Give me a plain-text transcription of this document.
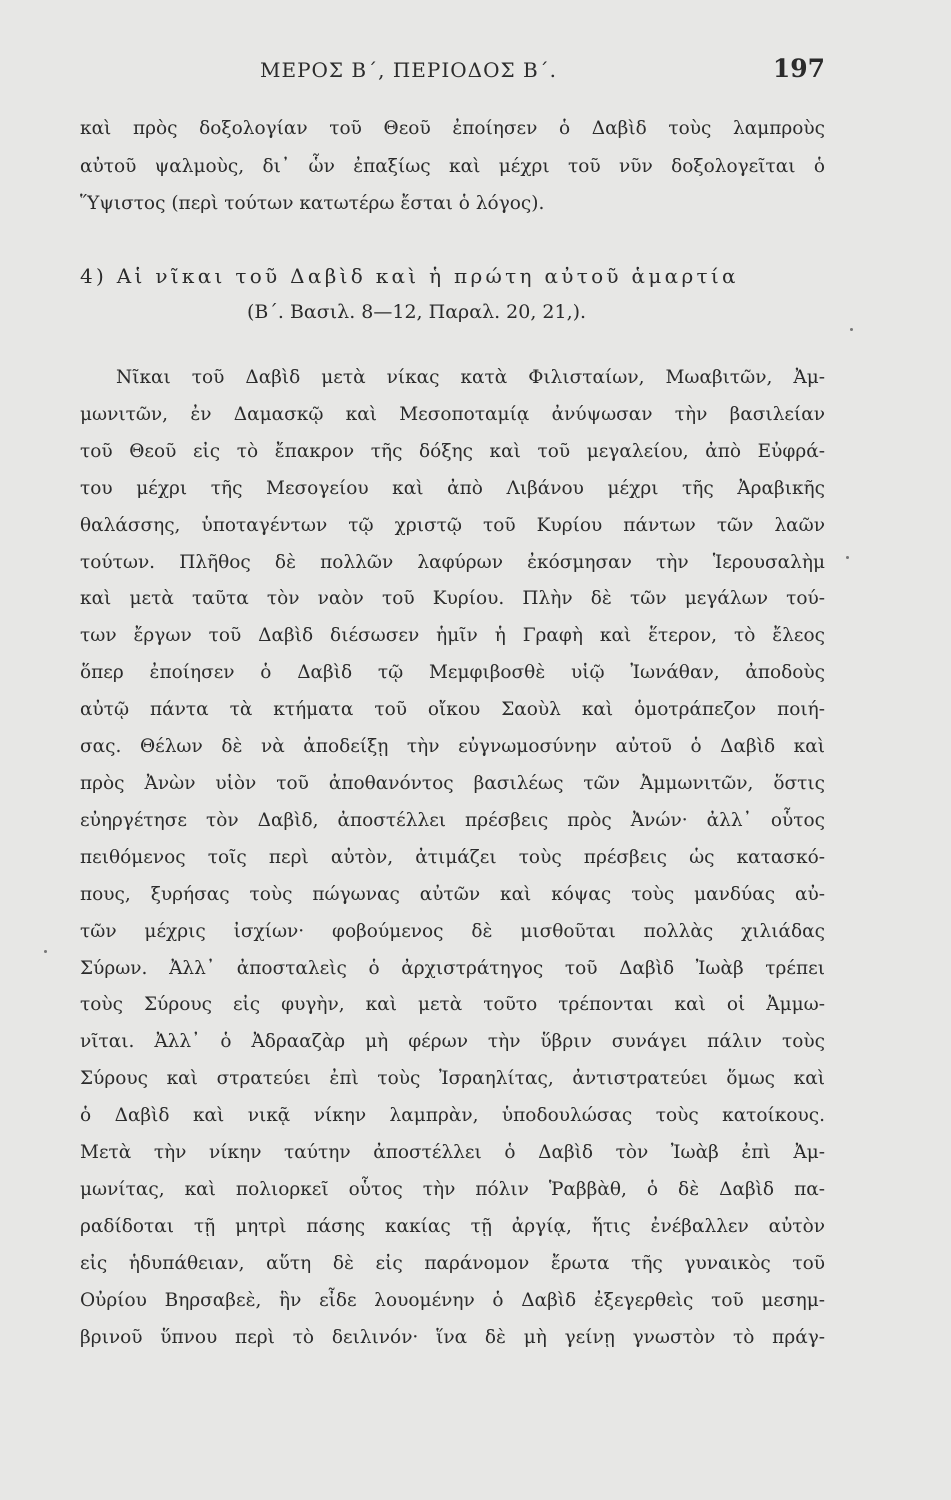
ΜΕΡΟΣ Β΄, ΠΕΡΙΟΔΟΣ Β΄.	197
καὶ πρὸς δοξολογίαν τοῦ Θεοῦ ἐποίησεν ὁ Δαβὶδ τοὺς λαμπροὺς
αὐτοῦ ψαλμοὺς, δι᾽ ὧν ἐπαξίως καὶ μέχρι τοῦ νῦν δοξολογεῖται ὁ
Ὕψιστος (περὶ τούτων κατωτέρω ἔσται ὁ λόγος).
4) Αἱ νῖκαι τοῦ Δαβὶδ καὶ ἡ πρώτη αὐτοῦ ἁμαρτία
(Β΄. Βασιλ. 8—12, Παραλ. 20, 21,).
Νῖκαι τοῦ Δαβὶδ μετὰ νίκας κατὰ Φιλισταίων, Μωαβιτῶν, Ἀμ-
μωνιτῶν, ἐν Δαμασκῷ καὶ Μεσοποταμίᾳ ἀνύψωσαν τὴν βασιλείαν
τοῦ Θεοῦ εἰς τὸ ἔπακρον τῆς δόξης καὶ τοῦ μεγαλείου, ἀπὸ Εὐφρά-
του μέχρι τῆς Μεσογείου καὶ ἀπὸ Λιβάνου μέχρι τῆς Ἀραβικῆς
θαλάσσης, ὑποταγέντων τῷ χριστῷ τοῦ Κυρίου πάντων τῶν λαῶν
τούτων. Πλῆθος δὲ πολλῶν λαφύρων ἐκόσμησαν τὴν Ἱερουσαλὴμ
καὶ μετὰ ταῦτα τὸν ναὸν τοῦ Κυρίου. Πλὴν δὲ τῶν μεγάλων τού-
των ἔργων τοῦ Δαβὶδ διέσωσεν ἡμῖν ἡ Γραφὴ καὶ ἕτερον, τὸ ἔλεος
ὅπερ ἐποίησεν ὁ Δαβὶδ τῷ Μεμφιβοσθὲ υἱῷ Ἰωνάθαν, ἀποδοὺς
αὐτῷ πάντα τὰ κτήματα τοῦ οἴκου Σαοὺλ καὶ ὁμοτράπεζον ποιή-
σας. Θέλων δὲ νὰ ἀποδείξῃ τὴν εὐγνωμοσύνην αὐτοῦ ὁ Δαβὶδ καὶ
πρὸς Ἀνὼν υἱὸν τοῦ ἀποθανόντος βασιλέως τῶν Ἀμμωνιτῶν, ὅστις
εὐηργέτησε τὸν Δαβὶδ, ἀποστέλλει πρέσβεις πρὸς Ἀνών· ἀλλ᾽ οὗτος
πειθόμενος τοῖς περὶ αὐτὸν, ἀτιμάζει τοὺς πρέσβεις ὡς κατασκό-
πους, ξυρήσας τοὺς πώγωνας αὐτῶν καὶ κόψας τοὺς μανδύας αὐ-
τῶν μέχρις ἰσχίων· φοβούμενος δὲ μισθοῦται πολλὰς χιλιάδας
Σύρων. Ἀλλ᾽ ἀποσταλεὶς ὁ ἀρχιστράτηγος τοῦ Δαβὶδ Ἰωὰβ τρέπει
τοὺς Σύρους εἰς φυγὴν, καὶ μετὰ τοῦτο τρέπονται καὶ οἱ Ἀμμω-
νῖται. Ἀλλ᾽ ὁ Ἀδρααζὰρ μὴ φέρων τὴν ὕβριν συνάγει πάλιν τοὺς
Σύρους καὶ στρατεύει ἐπὶ τοὺς Ἰσραηλίτας, ἀντιστρατεύει ὅμως καὶ
ὁ Δαβὶδ καὶ νικᾷ νίκην λαμπρὰν, ὑποδουλώσας τοὺς κατοίκους.
Μετὰ τὴν νίκην ταύτην ἀποστέλλει ὁ Δαβὶδ τὸν Ἰωὰβ ἐπὶ Ἀμ-
μωνίτας, καὶ πολιορκεῖ οὗτος τὴν πόλιν Ῥαββὰθ, ὁ δὲ Δαβὶδ πα-
ραδίδοται τῇ μητρὶ πάσης κακίας τῇ ἀργίᾳ, ἥτις ἐνέβαλλεν αὐτὸν
εἰς ἡδυπάθειαν, αὕτη δὲ εἰς παράνομον ἔρωτα τῆς γυναικὸς τοῦ
Οὐρίου Βηρσαβεὲ, ἣν εἶδε λουομένην ὁ Δαβὶδ ἐξεγερθεὶς τοῦ μεσημ-
βρινοῦ ὕπνου περὶ τὸ δειλινόν· ἵνα δὲ μὴ γείνῃ γνωστὸν τὸ πράγ-
